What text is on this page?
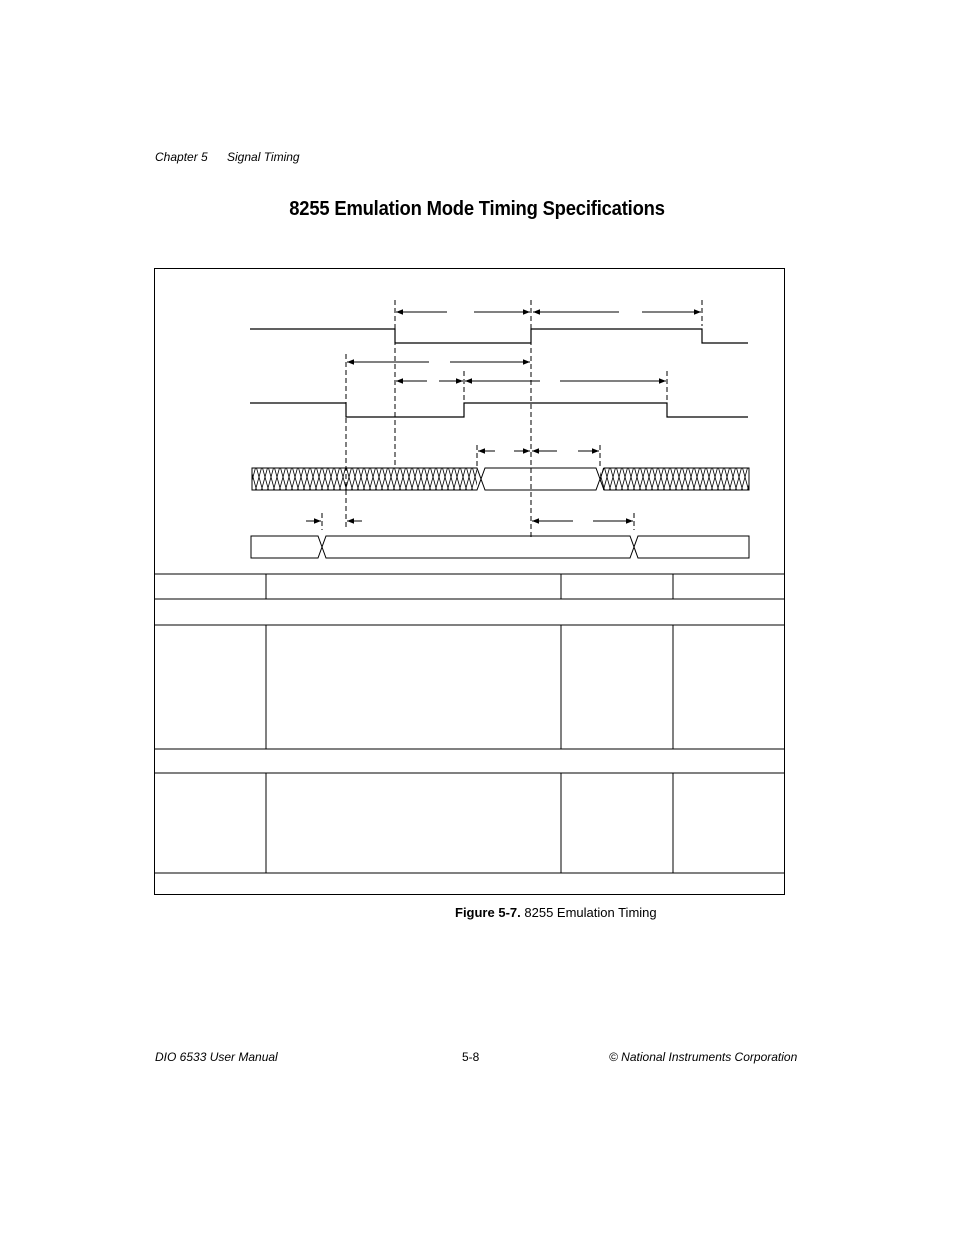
Chapter 5 Signal Timing
8255 Emulation Mode Timing Specifications
Figure 5-7. 8255 Emulation Timing
DIO 6533 User Manual	5-8	© National Instruments Corporation
